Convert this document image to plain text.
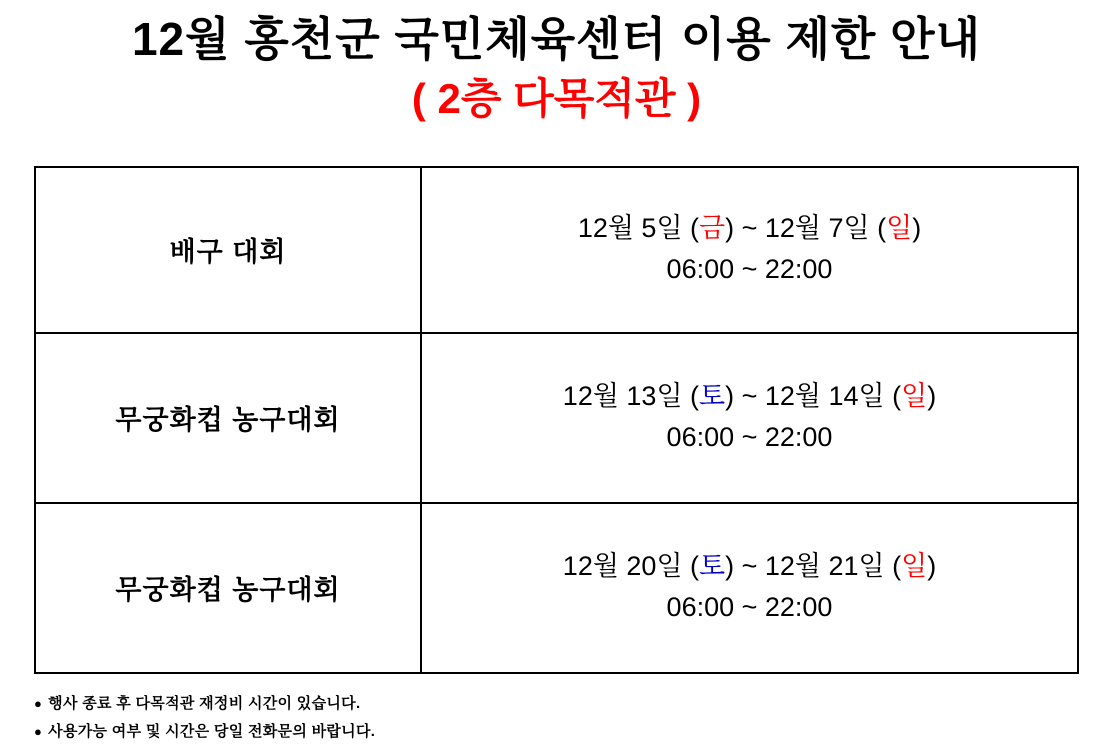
12월 홍천군 국민체육센터 이용 제한 안내
( 2층 다목적관 )
배구 대회	12월 5일 (금) ~ 12월 7일 (일)
06:00 ~ 22:00

무궁화컵 농구대회	12월 13일 (토) ~ 12월 14일 (일)
06:00 ~ 22:00

무궁화컵 농구대회	12월 20일 (토) ~ 12월 21일 (일)
06:00 ~ 22:00
● 행사 종료 후 다목적관 재정비 시간이 있습니다.
● 사용가능 여부 및 시간은 당일 전화문의 바랍니다.
